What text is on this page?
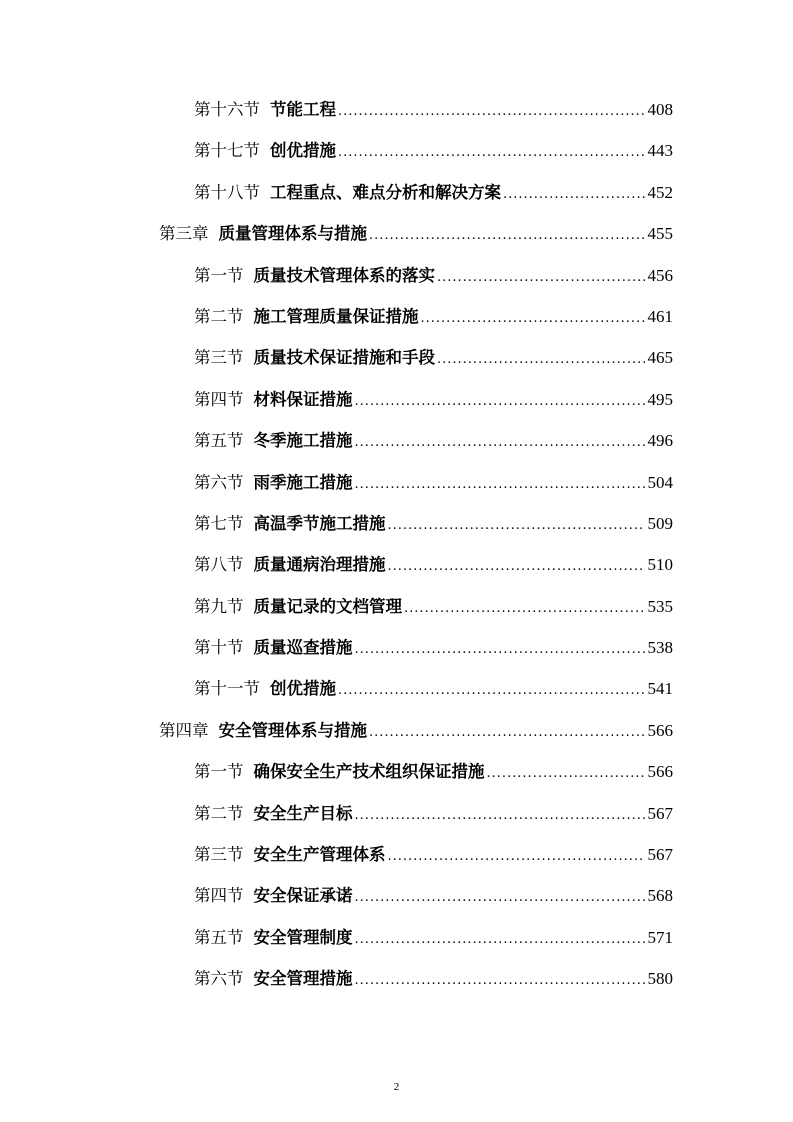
第十六节 节能工程 .....	408
第十七节 创优措施 .....	443
第十八节 工程重点、难点分析和解决方案 .....	452
第三章 质量管理体系与措施 .....	455
第一节 质量技术管理体系的落实 .....	456
第二节 施工管理质量保证措施 .....	461
第三节 质量技术保证措施和手段 .....	465
第四节 材料保证措施 .....	495
第五节 冬季施工措施 .....	496
第六节 雨季施工措施 .....	504
第七节 高温季节施工措施 .....	509
第八节 质量通病治理措施 .....	510
第九节 质量记录的文档管理 .....	535
第十节 质量巡查措施 .....	538
第十一节 创优措施 .....	541
第四章 安全管理体系与措施 .....	566
第一节 确保安全生产技术组织保证措施 .....	566
第二节 安全生产目标 .....	567
第三节 安全生产管理体系 .....	567
第四节 安全保证承诺 .....	568
第五节 安全管理制度 .....	571
第六节 安全管理措施 .....	580
2
